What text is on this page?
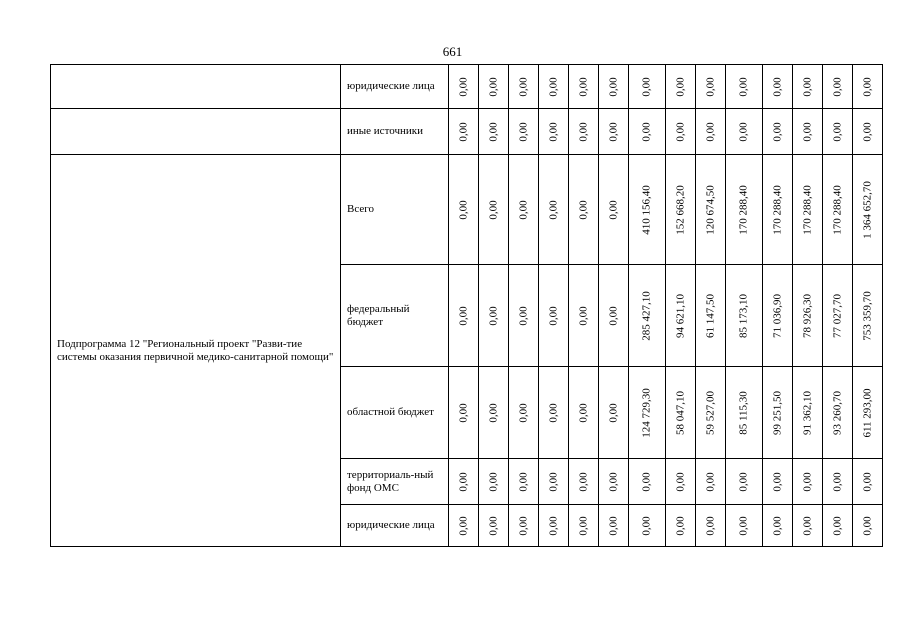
661
	юридические лица	0,00	0,00	0,00	0,00	0,00	0,00	0,00	0,00	0,00	0,00	0,00	0,00	0,00	0,00

	иные источники	0,00	0,00	0,00	0,00	0,00	0,00	0,00	0,00	0,00	0,00	0,00	0,00	0,00	0,00

Подпрограмма 12 "Региональный проект "Разви-тие системы оказания первичной медико-санитарной помощи"	Всего	0,00	0,00	0,00	0,00	0,00	0,00	410 156,40	152 668,20	120 674,50	170 288,40	170 288,40	170 288,40	170 288,40	1 364 652,70

	федеральный бюджет	0,00	0,00	0,00	0,00	0,00	0,00	285 427,10	94 621,10	61 147,50	85 173,10	71 036,90	78 926,30	77 027,70	753 359,70

	областной бюджет	0,00	0,00	0,00	0,00	0,00	0,00	124 729,30	58 047,10	59 527,00	85 115,30	99 251,50	91 362,10	93 260,70	611 293,00

	территориаль-ный фонд ОМС	0,00	0,00	0,00	0,00	0,00	0,00	0,00	0,00	0,00	0,00	0,00	0,00	0,00	0,00

	юридические лица	0,00	0,00	0,00	0,00	0,00	0,00	0,00	0,00	0,00	0,00	0,00	0,00	0,00	0,00
